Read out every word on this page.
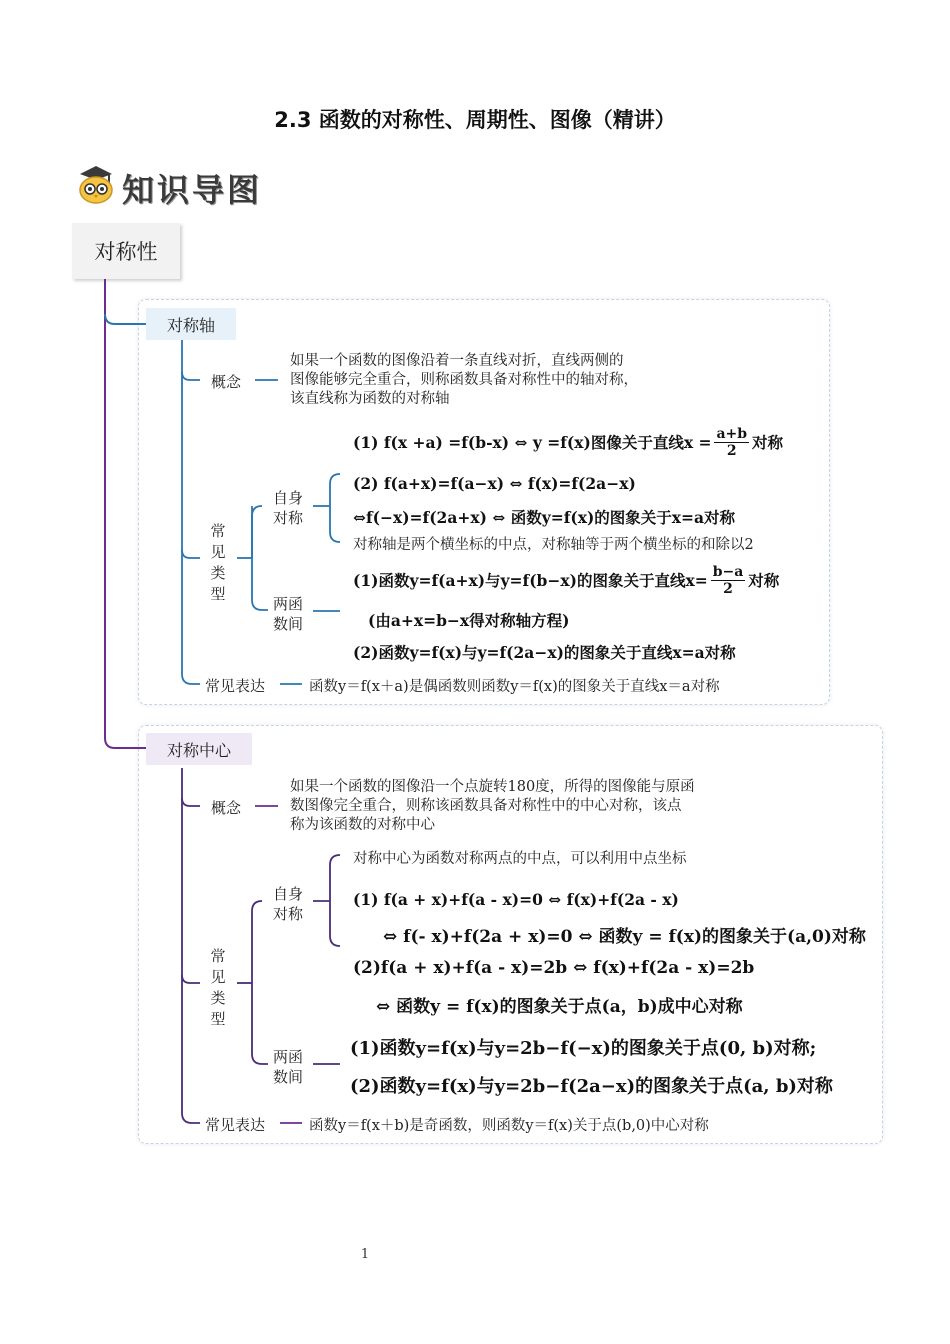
2.3 函数的对称性、周期性、图像（精讲）
知识导图
对称性
对称轴
概念
如果一个函数的图像沿着一条直线对折，直线两侧的
图像能够完全重合，则称函数具备对称性中的轴对称，
该直线称为函数的对称轴
常
见
类
型
自身
对称
(1) f(x +a) =f(b-x) ⇔ y =f(x)图像关于直线$x = \frac{a+b}{2}$ 对称
(2) f(a+x)=f(a−x) ⇔ f(x)=f(2a−x)
⇔f(−x)=f(2a+x) ⇔ 函数y=f(x)的图象关于x=a对称
对称轴是两个横坐标的中点，对称轴等于两个横坐标的和除以2
两函
数间
(1)函数y=f(a+x)与y=f(b−x)的图象关于直线$x= \frac{b-a}{2}$ 对称
(由a+x=b−x得对称轴方程)
(2)函数y=f(x)与y=f(2a−x)的图象关于直线x=a对称
常见表达	函数y＝f(x＋a)是偶函数则函数y＝f(x)的图象关于直线x＝a对称
对称中心
概念
如果一个函数的图像沿一个点旋转180度，所得的图像能与原函
数图像完全重合，则称该函数具备对称性中的中心对称，该点
称为该函数的对称中心
常
见
类
型
自身
对称
对称中心为函数对称两点的中点，可以利用中点坐标
(1) f(a + x)+f(a - x)=0 ⇔ f(x)+f(2a - x)
⇔ f(- x)+f(2a + x)=0 ⇔ 函数y = f(x)的图象关于(a,0)对称
(2)f(a + x)+f(a - x)=2b ⇔ f(x)+f(2a - x)=2b
⇔ 函数y = f(x)的图象关于点(a，b)成中心对称
两函
数间
(1)函数y=f(x)与y=2b−f(−x)的图象关于点(0, b)对称;
(2)函数y=f(x)与y=2b−f(2a−x)的图象关于点(a, b)对称
常见表达	函数y＝f(x＋b)是奇函数，则函数y＝f(x)关于点(b,0)中心对称
1
